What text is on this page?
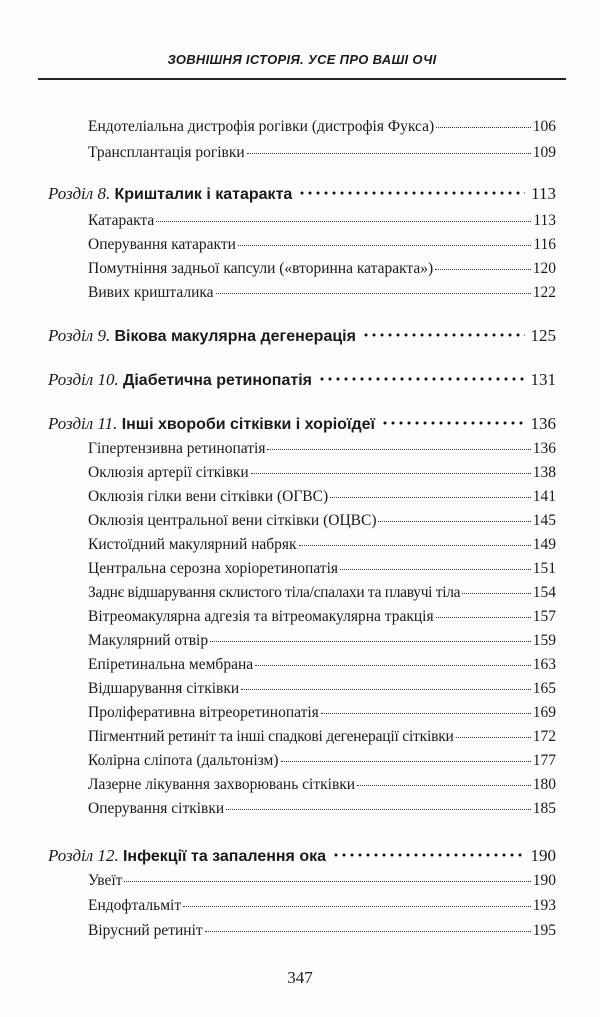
ЗОВНІШНЯ ІСТОРІЯ. УСЕ ПРО ВАШІ ОЧІ
Ендотеліальна дистрофія рогівки (дистрофія Фукса)	106
Трансплантація рогівки	109
Розділ 8. Кришталик і катаракта	113
Катаракта	113
Оперування катаракти	116
Помутніння задньої капсули («вторинна катаракта»)	120
Вивих кришталика	122
Розділ 9. Вікова макулярна дегенерація	125
Розділ 10. Діабетична ретинопатія	131
Розділ 11. Інші хвороби сітківки і хоріоїдеї	136
Гіпертензивна ретинопатія	136
Оклюзія артерії сітківки	138
Оклюзія гілки вени сітківки (ОГВС)	141
Оклюзія центральної вени сітківки (ОЦВС)	145
Кистоїдний макулярний набряк	149
Центральна серозна хоріоретинопатія	151
Заднє відшарування склистого тіла/спалахи та плавучі тіла	154
Вітреомакулярна адгезія та вітреомакулярна тракція	157
Макулярний отвір	159
Епіретинальна мембрана	163
Відшарування сітківки	165
Проліферативна вітреоретинопатія	169
Пігментний ретиніт та інші спадкові дегенерації сітківки	172
Колірна сліпота (дальтонізм)	177
Лазерне лікування захворювань сітківки	180
Оперування сітківки	185
Розділ 12. Інфекції та запалення ока	190
Увеїт	190
Ендофтальміт	193
Вірусний ретиніт	195
347
